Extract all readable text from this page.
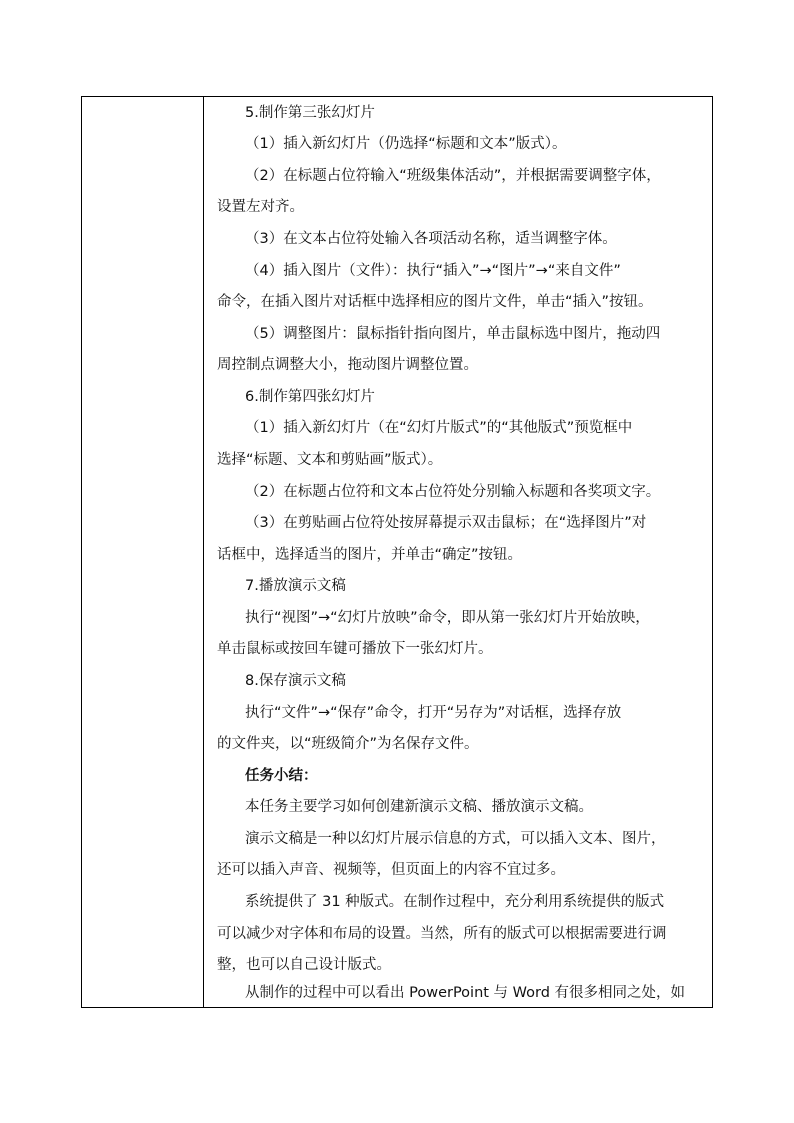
5.制作第三张幻灯片
（1）插入新幻灯片（仍选择“标题和文本”版式）。
（2）在标题占位符输入“班级集体活动”，并根据需要调整字体，
设置左对齐。
（3）在文本占位符处输入各项活动名称，适当调整字体。
（4）插入图片（文件）：执行“插入”→“图片”→“来自文件”
命令，在插入图片对话框中选择相应的图片文件，单击“插入”按钮。
（5）调整图片：鼠标指针指向图片，单击鼠标选中图片，拖动四
周控制点调整大小，拖动图片调整位置。
6.制作第四张幻灯片
（1）插入新幻灯片（在“幻灯片版式”的“其他版式”预览框中
选择“标题、文本和剪贴画”版式）。
（2）在标题占位符和文本占位符处分别输入标题和各奖项文字。
（3）在剪贴画占位符处按屏幕提示双击鼠标；在“选择图片”对
话框中，选择适当的图片，并单击“确定”按钮。
7.播放演示文稿
执行“视图”→“幻灯片放映”命令，即从第一张幻灯片开始放映，
单击鼠标或按回车键可播放下一张幻灯片。
8.保存演示文稿
执行“文件”→“保存”命令，打开“另存为”对话框，选择存放
的文件夹，以“班级简介”为名保存文件。
任务小结：
本任务主要学习如何创建新演示文稿、播放演示文稿。
演示文稿是一种以幻灯片展示信息的方式，可以插入文本、图片，
还可以插入声音、视频等，但页面上的内容不宜过多。
系统提供了 31 种版式。在制作过程中，充分利用系统提供的版式
可以减少对字体和布局的设置。当然，所有的版式可以根据需要进行调
整，也可以自己设计版式。
从制作的过程中可以看出 PowerPoint 与 Word 有很多相同之处，如
